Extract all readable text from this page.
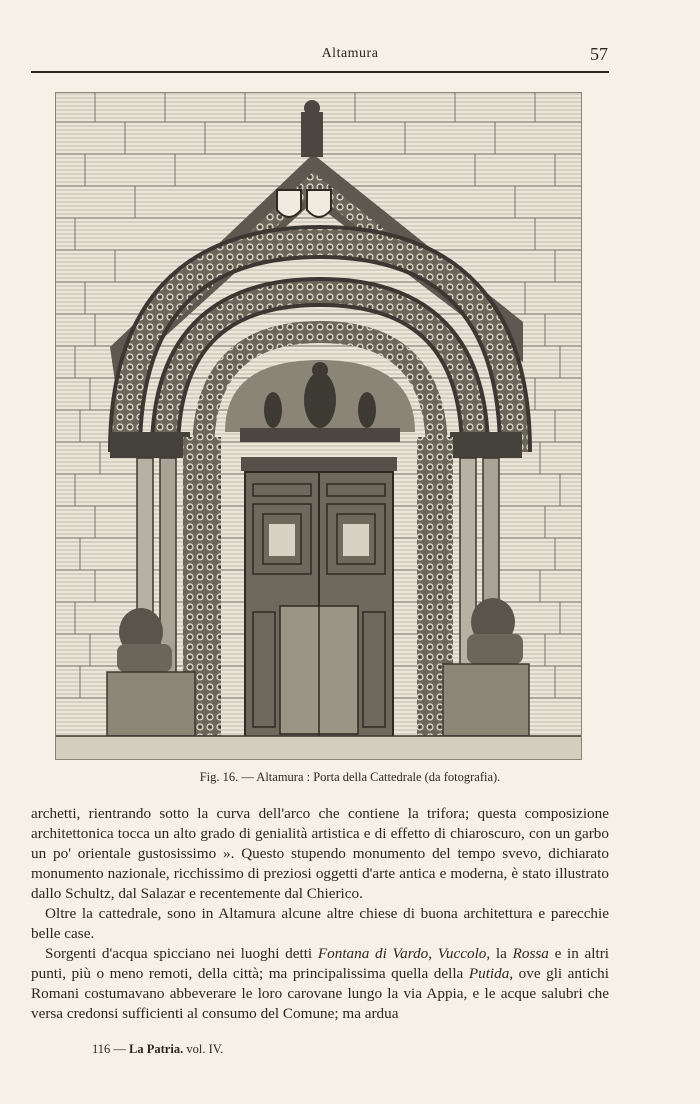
Altamura	57
Fig. 16. — Altamura : Porta della Cattedrale (da fotografia).

archetti, rientrando sotto la curva dell'arco che contiene la trifora; questa composizione architettonica tocca un alto grado di genialità artistica e di effetto di chiaroscuro, con un garbo un po' orientale gustosissimo ». Questo stupendo monumento del tempo svevo, dichiarato monumento nazionale, ricchissimo di preziosi oggetti d'arte antica e moderna, è stato illustrato dallo Schultz, dal Salazar e recentemente dal Chierico.

Oltre la cattedrale, sono in Altamura alcune altre chiese di buona architettura e parecchie belle case.

Sorgenti d'acqua spicciano nei luoghi detti Fontana di Vardo, Vuccolo, la Rossa e in altri punti, più o meno remoti, della città; ma principalissima quella della Putida, ove gli antichi Romani costumavano abbeverare le loro carovane lungo la via Appia, e le acque salubri che versa credonsi sufficienti al consumo del Comune; ma ardua

116 — La Patria. vol. IV.
